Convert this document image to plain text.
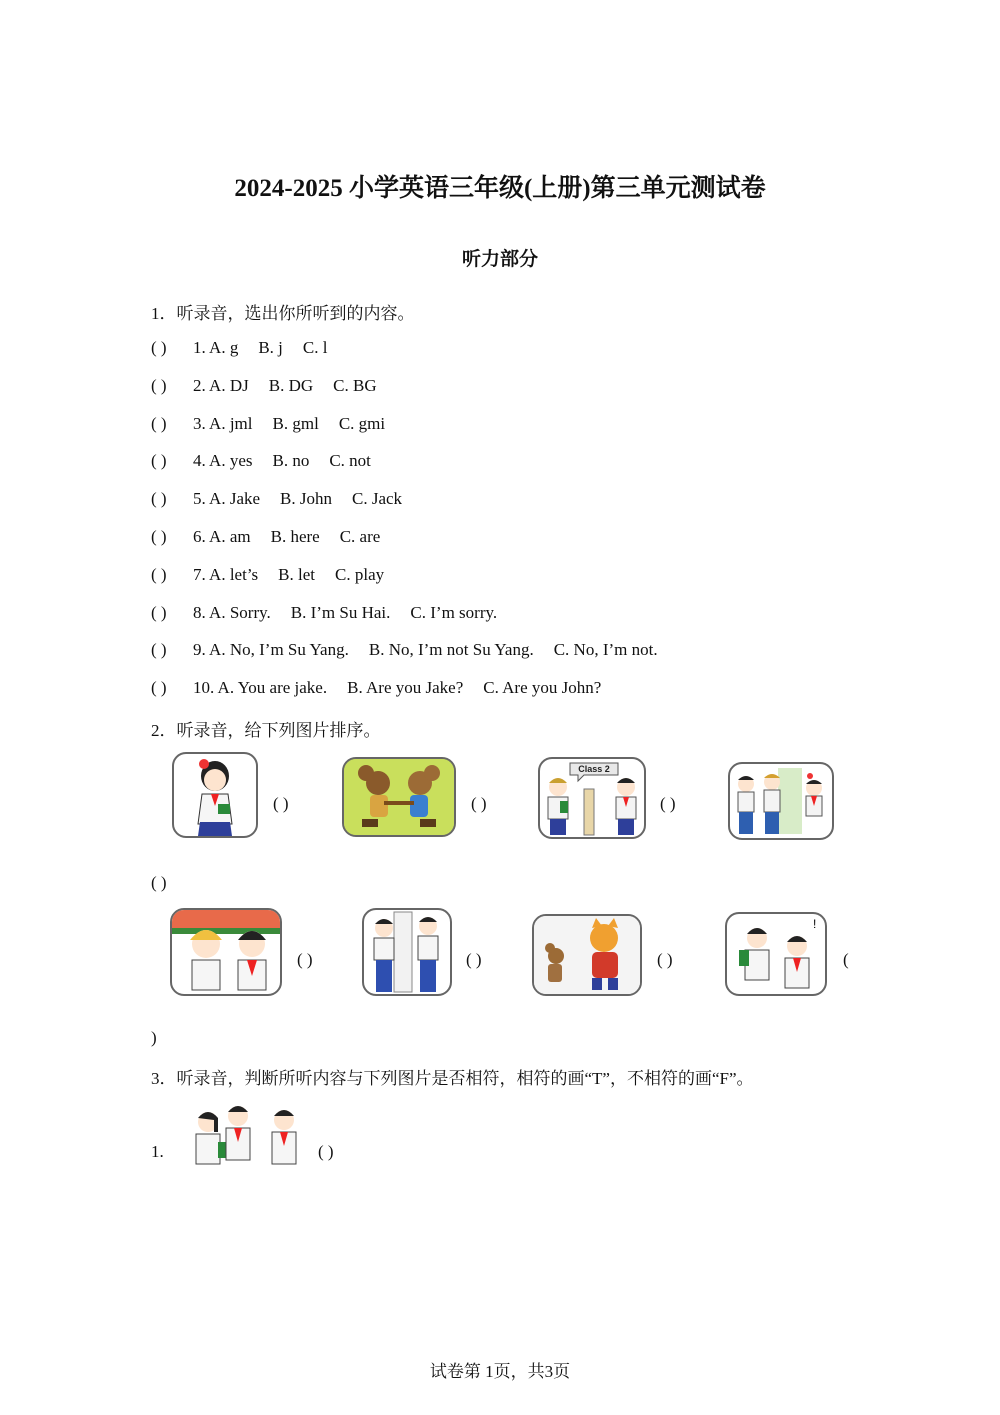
2024-2025 小学英语三年级(上册)第三单元测试卷
听力部分
1．听录音，选出你所听到的内容。
( ) 1. A. g B. j C. l
( ) 2. A. DJ B. DG C. BG
( ) 3. A. jml B. gml C. gmi
( ) 4. A. yes B. no C. not
( ) 5. A. Jake B. John C. Jack
( ) 6. A. am B. here C. are
( ) 7. A. let’s B. let C. play
( ) 8. A. Sorry. B. I’m Su Hai. C. I’m sorry.
( ) 9. A. No, I’m Su Yang. B. No, I’m not Su Yang. C. No, I’m not.
( ) 10. A. You are jake. B. Are you Jake? C. Are you John?
2．听录音，给下列图片排序。
( )	( )
Class 2
( )
( )
( )	( )	( )
!
(
)
3．听录音，判断所听内容与下列图片是否相符，相符的画“T”，不相符的画“F”。
1.	( )
试卷第 1页，共3页
